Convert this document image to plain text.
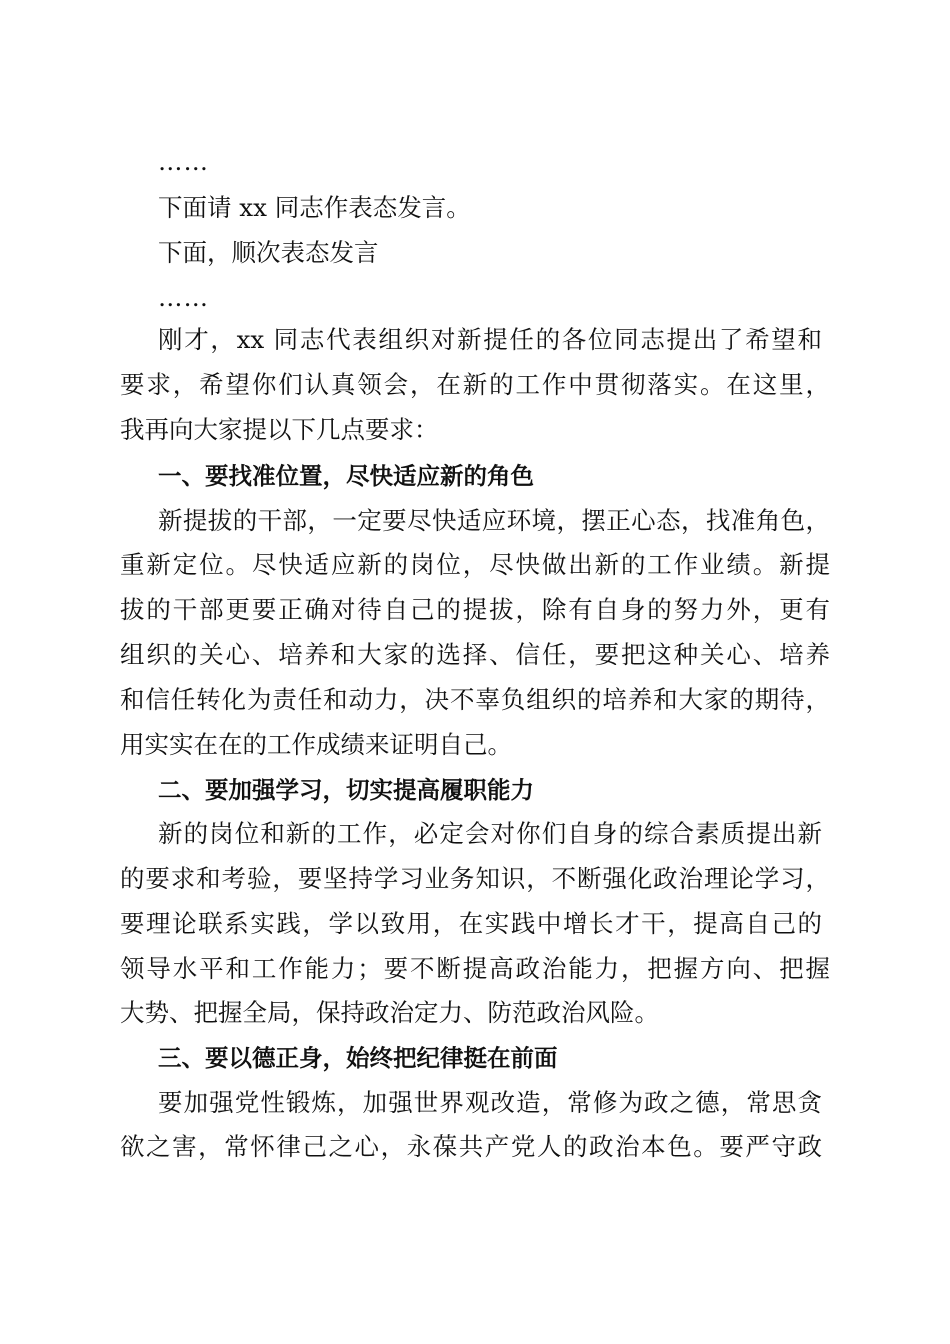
……
下面请 xx 同志作表态发言。
下面，顺次表态发言
……
刚才，xx 同志代表组织对新提任的各位同志提出了希望和
要求，希望你们认真领会，在新的工作中贯彻落实。在这里，
我再向大家提以下几点要求：
一、要找准位置，尽快适应新的角色
新提拔的干部，一定要尽快适应环境，摆正心态，找准角色，
重新定位。尽快适应新的岗位，尽快做出新的工作业绩。新提
拔的干部更要正确对待自己的提拔，除有自身的努力外，更有
组织的关心、培养和大家的选择、信任，要把这种关心、培养
和信任转化为责任和动力，决不辜负组织的培养和大家的期待，
用实实在在的工作成绩来证明自己。
二、要加强学习，切实提高履职能力
新的岗位和新的工作，必定会对你们自身的综合素质提出新
的要求和考验，要坚持学习业务知识，不断强化政治理论学习，
要理论联系实践，学以致用，在实践中增长才干，提高自己的
领导水平和工作能力；要不断提高政治能力，把握方向、把握
大势、把握全局，保持政治定力、防范政治风险。
三、要以德正身，始终把纪律挺在前面
要加强党性锻炼，加强世界观改造，常修为政之德，常思贪
欲之害，常怀律己之心，永葆共产党人的政治本色。要严守政
